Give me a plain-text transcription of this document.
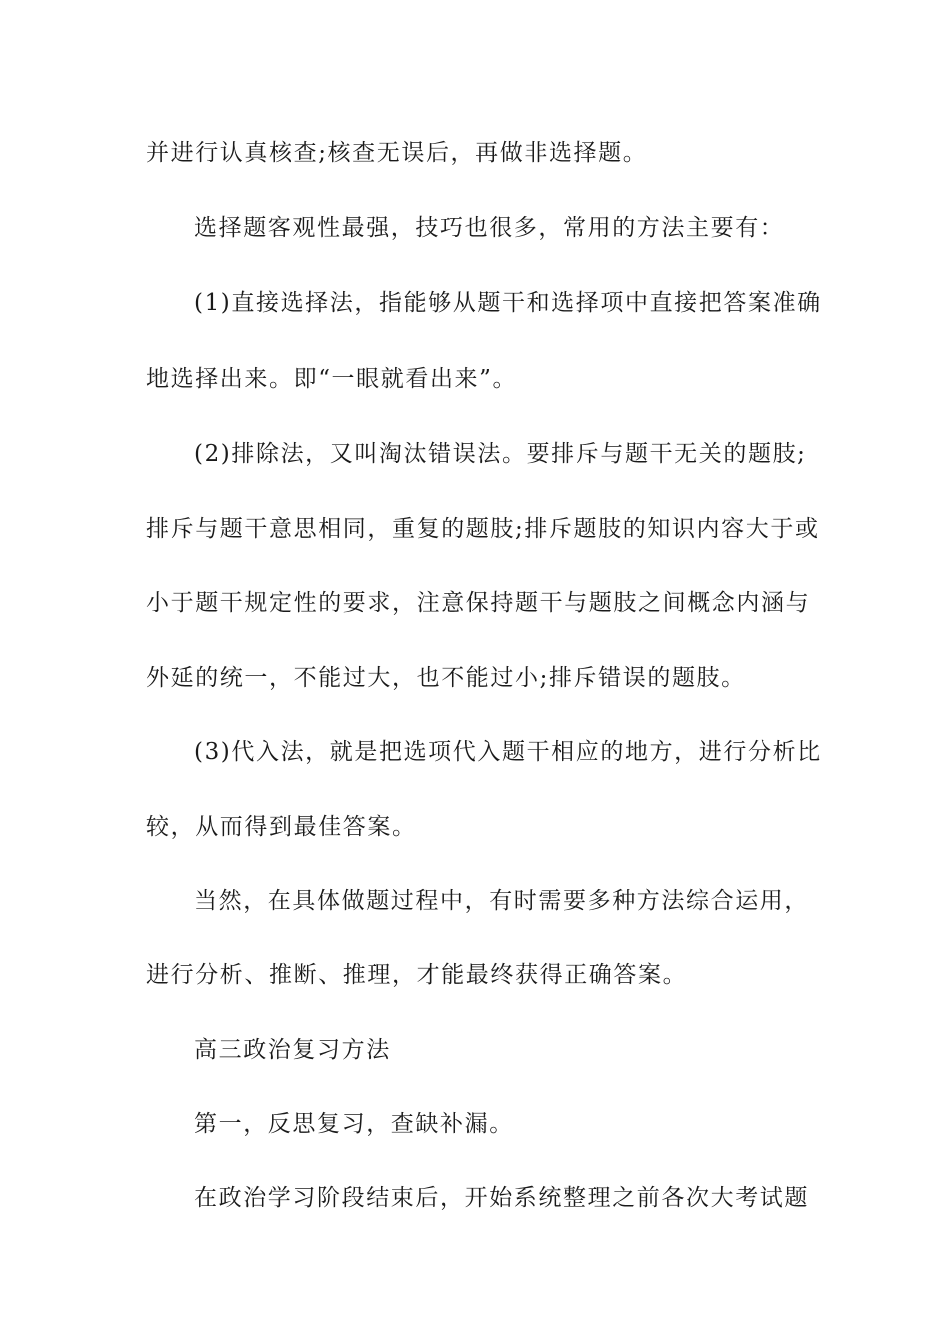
并进行认真核查;核查无误后，再做非选择题。
选择题客观性最强，技巧也很多，常用的方法主要有：
(1)直接选择法，指能够从题干和选择项中直接把答案准确
地选择出来。即“一眼就看出来”。
(2)排除法，又叫淘汰错误法。要排斥与题干无关的题肢;
排斥与题干意思相同，重复的题肢;排斥题肢的知识内容大于或
小于题干规定性的要求，注意保持题干与题肢之间概念内涵与
外延的统一，不能过大，也不能过小;排斥错误的题肢。
(3)代入法，就是把选项代入题干相应的地方，进行分析比
较，从而得到最佳答案。
当然，在具体做题过程中，有时需要多种方法综合运用，
进行分析、推断、推理，才能最终获得正确答案。
高三政治复习方法
第一，反思复习，查缺补漏。
在政治学习阶段结束后，开始系统整理之前各次大考试题
